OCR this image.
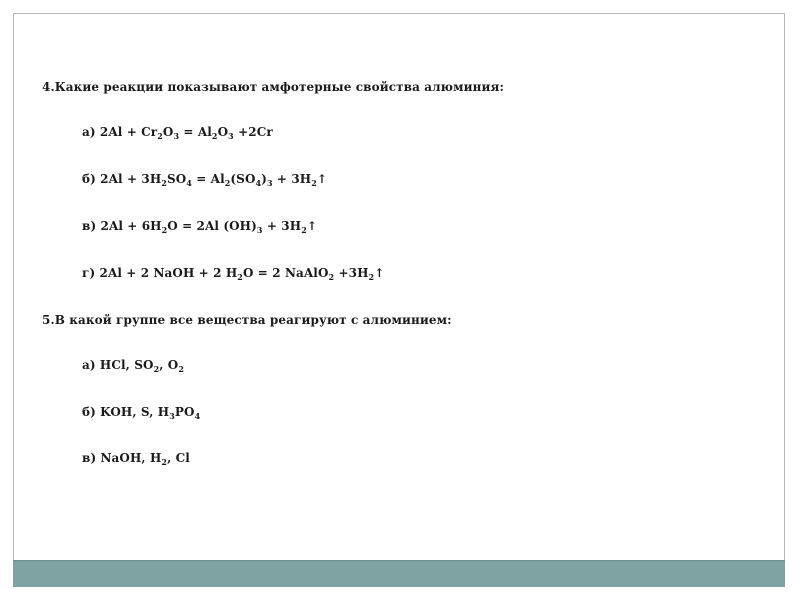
4.Какие реакции показывают амфотерные свойства алюминия:
а) $2Al + Cr_2O_3 = Al_2O_3 +2Cr$
б) $2Al + 3H_2SO_4 = Al_2(SO_4)_3$ + $3H_2↑$
в) $2Al + 6H_2O = 2Al$ $(OH)_3$ + $3H_2↑$
г) 2Al + 2 NaOH + 2 $H_2O = 2$ NaAlO$_2$ $+3H_2↑$
5.В какой группе все вещества реагируют с алюминием:
а) HCl, $SO_2$, $O_2$
б) KOH, S, $H_3PO_4$
в) NaOH, $H_2$, Cl
